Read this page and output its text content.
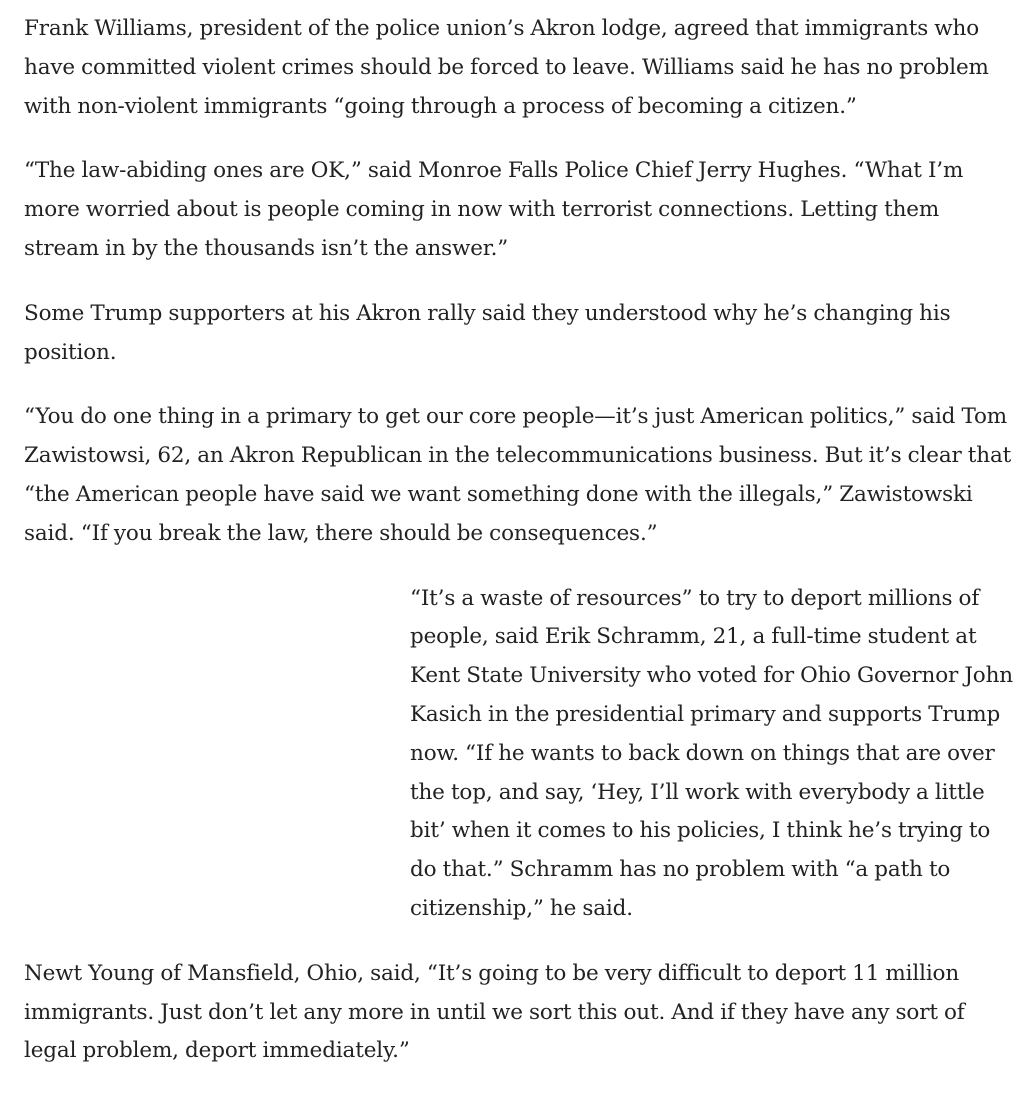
Frank Williams, president of the police union’s Akron lodge, agreed that immigrants who have committed violent crimes should be forced to leave. Williams said he has no problem with non-violent immigrants “going through a process of becoming a citizen.”

“The law-abiding ones are OK,” said Monroe Falls Police Chief Jerry Hughes. “What I’m more worried about is people coming in now with terrorist connections. Letting them stream in by the thousands isn’t the answer.”

Some Trump supporters at his Akron rally said they understood why he’s changing his position.

“You do one thing in a primary to get our core people—it’s just American politics,” said Tom Zawistowsi, 62, an Akron Republican in the telecommunications business. But it’s clear that “the American people have said we want something done with the illegals,” Zawistowski said. “If you break the law, there should be consequences.”

“It’s a waste of resources” to try to deport millions of people, said Erik Schramm, 21, a full-time student at Kent State University who voted for Ohio Governor John Kasich in the presidential primary and supports Trump now. “If he wants to back down on things that are over the top, and say, ‘Hey, I’ll work with everybody a little bit’ when it comes to his policies, I think he’s trying to do that.” Schramm has no problem with “a path to citizenship,” he said.

Newt Young of Mansfield, Ohio, said, “It’s going to be very difficult to deport 11 million immigrants. Just don’t let any more in until we sort this out. And if they have any sort of legal problem, deport immediately.”
